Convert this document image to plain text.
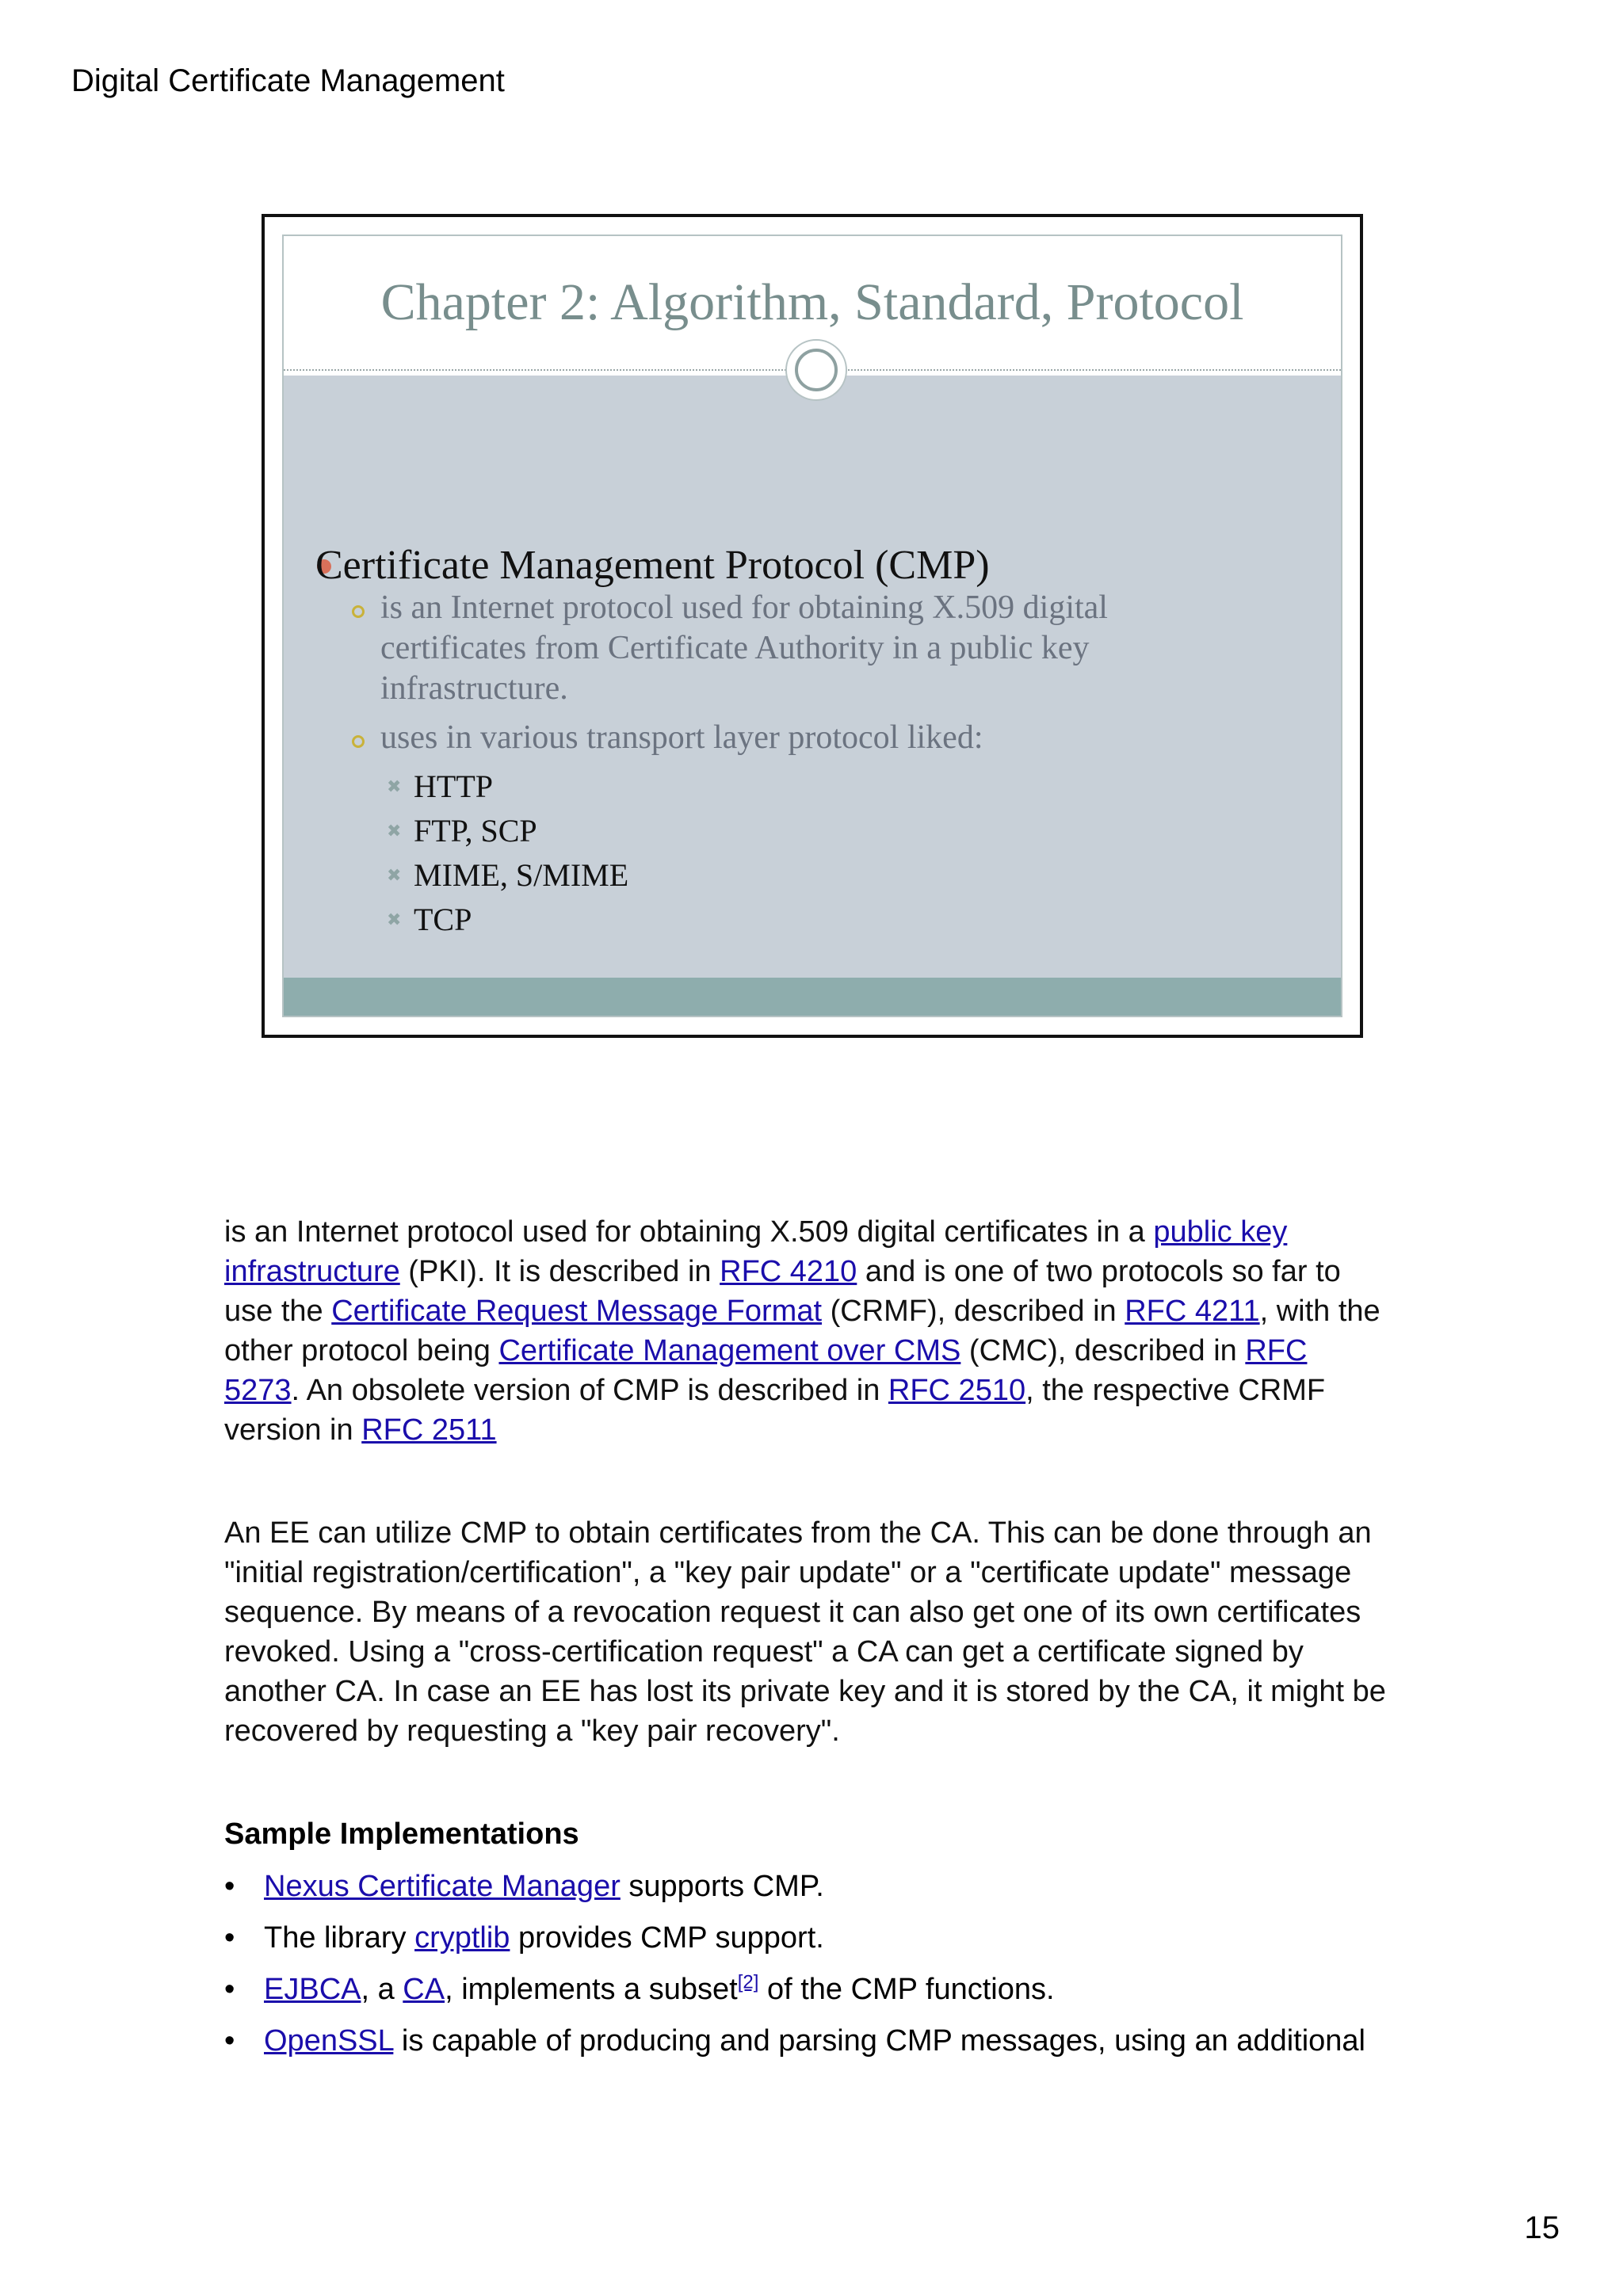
Digital Certificate Management
Chapter 2: Algorithm, Standard, Protocol
Certificate Management Protocol (CMP)
is an Internet protocol used for obtaining X.509 digital certificates from Certificate Authority in a public key infrastructure.
uses in various transport layer protocol liked:
✖ HTTP
✖ FTP, SCP
✖ MIME, S/MIME
✖ TCP

is an Internet protocol used for obtaining X.509 digital certificates in a public key infrastructure (PKI). It is described in RFC 4210 and is one of two protocols so far to use the Certificate Request Message Format (CRMF), described in RFC 4211, with the other protocol being Certificate Management over CMS (CMC), described in RFC 5273. An obsolete version of CMP is described in RFC 2510, the respective CRMF version in RFC 2511

An EE can utilize CMP to obtain certificates from the CA. This can be done through an "initial registration/certification", a "key pair update" or a "certificate update" message sequence. By means of a revocation request it can also get one of its own certificates revoked. Using a "cross-certification request" a CA can get a certificate signed by another CA. In case an EE has lost its private key and it is stored by the CA, it might be recovered by requesting a "key pair recovery".

Sample Implementations
• Nexus Certificate Manager supports CMP.
• The library cryptlib provides CMP support.
• EJBCA, a CA, implements a subset[2] of the CMP functions.
• OpenSSL is capable of producing and parsing CMP messages, using an additional
15
